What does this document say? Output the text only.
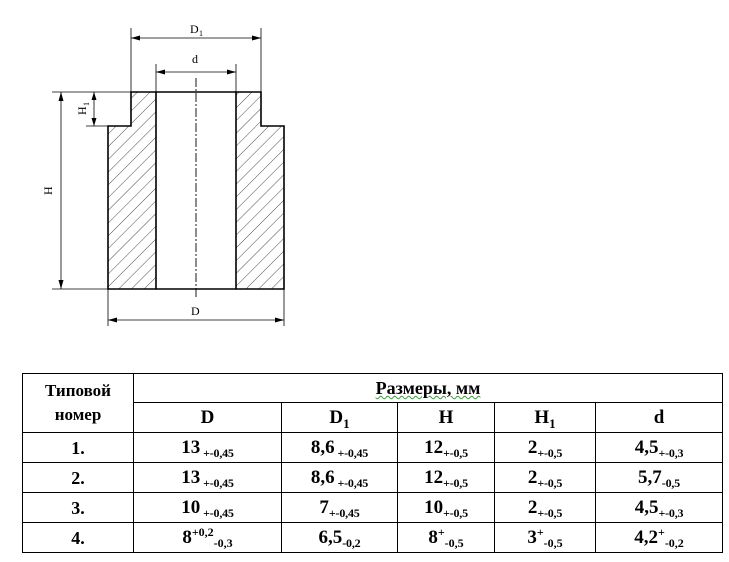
D 1
d
H
1
H
D
Типовой
номер	Размеры, мм				
	D	$D_1$	H	$H_1$	d
1.	13 $_{+-0,45}$	8,6 $_{+-0,45}$	$12_{+-0,5}$	$2_{+-0,5}$	$4,5_{+-0,3}$
2.	13 $_{+-0,45}$	8,6 $_{+-0,45}$	$12_{+-0,5}$	$2_{+-0,5}$	$5,7_{-0,5}$
3.	10 $_{+-0,45}$	$7_{+-0,45}$	$10_{+-0,5}$	$2_{+-0,5}$	$4,5_{+-0,3}$
4.	$8^{+0,2}_{-0,3}$	$6,5_{-0,2}$	$8^+_{-0,5}$	$3^+_{-0,5}$	$4,2^+_{-0,2}$
